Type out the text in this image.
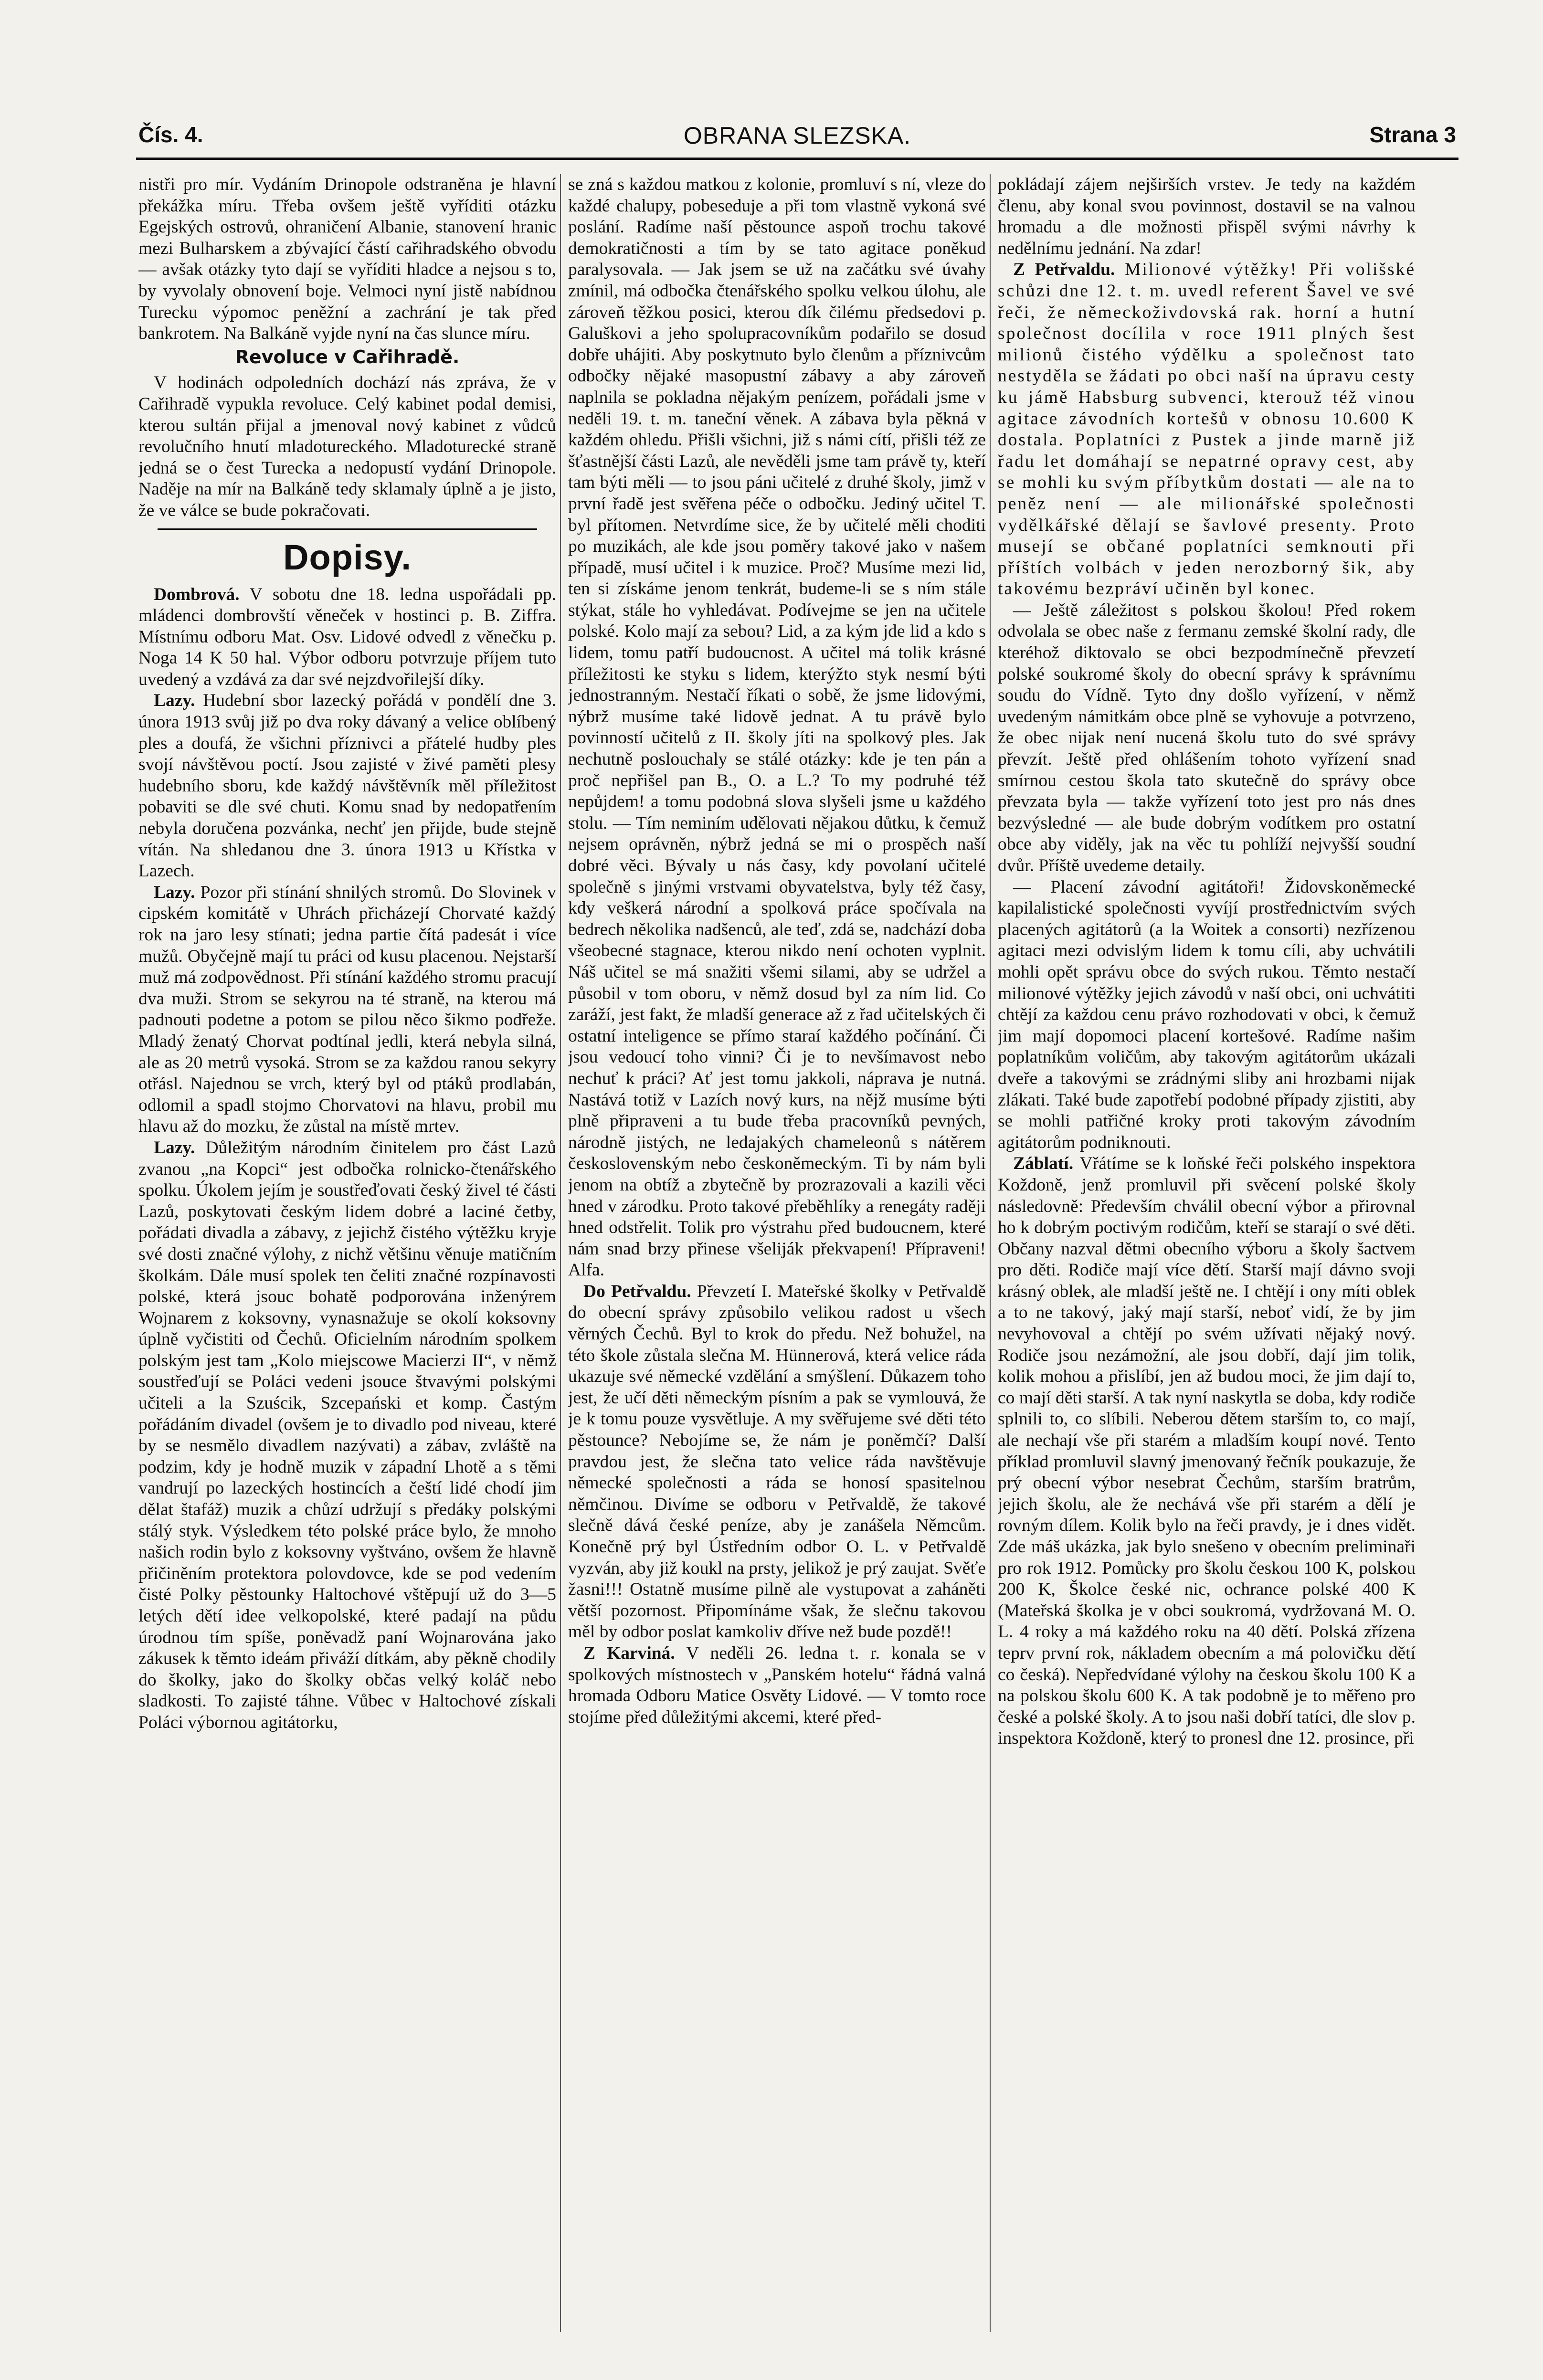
Čís. 4.	OBRANA SLEZSKA.	Strana 3

nistři pro mír. Vydáním Drinopole odstraněna je hlavní překážka míru. Třeba ovšem ještě vyříditi otázku Egejských ostrovů, ohraničení Albanie, stanovení hranic mezi Bulharskem a zbývající částí cařihradského obvodu — avšak otázky tyto dají se vyříditi hladce a nejsou s to, by vyvolaly obnovení boje. Velmoci nyní jistě nabídnou Turecku výpomoc peněžní a zachrání je tak před bankrotem. Na Balkáně vyjde nyní na čas slunce míru.

Revoluce v Cařihradě.

V hodinách odpoledních dochází nás zpráva, že v Cařihradě vypukla revoluce. Celý kabinet podal demisi, kterou sultán přijal a jmenoval nový kabinet z vůdců revolučního hnutí mladotureckého. Mladoturecké straně jedná se o čest Turecka a nedopustí vydání Drinopole. Naděje na mír na Balkáně tedy sklamaly úplně a je jisto, že ve válce se bude pokračovati.

Dopisy.

Dombrová. V sobotu dne 18. ledna uspořádali pp. mládenci dombrovští věneček v hostinci p. B. Ziffra. Místnímu odboru Mat. Osv. Lidové odvedl z věnečku p. Noga 14 K 50 hal. Výbor odboru potvrzuje příjem tuto uvedený a vzdává za dar své nejzdvořilejší díky.

Lazy. Hudební sbor lazecký pořádá v pondělí dne 3. února 1913 svůj již po dva roky dávaný a velice oblíbený ples a doufá, že všichni příznivci a přátelé hudby ples svojí návštěvou poctí. Jsou zajisté v živé paměti plesy hudebního sboru, kde každý návštěvník měl příležitost pobaviti se dle své chuti. Komu snad by nedopatřením nebyla doručena pozvánka, nechť jen přijde, bude stejně vítán. Na shledanou dne 3. února 1913 u Křístka v Lazech.

Lazy. Pozor při stínání shnilých stromů. Do Slovinek v cipském komitátě v Uhrách přicházejí Chorvaté každý rok na jaro lesy stínati; jedna partie čítá padesát i více mužů. Obyčejně mají tu práci od kusu placenou. Nejstarší muž má zodpovědnost. Při stínání každého stromu pracují dva muži. Strom se sekyrou na té straně, na kterou má padnouti podetne a potom se pilou něco šikmo podřeže. Mladý ženatý Chorvat podtínal jedli, která nebyla silná, ale as 20 metrů vysoká. Strom se za každou ranou sekyry otřásl. Najednou se vrch, který byl od ptáků prodlabán, odlomil a spadl stojmo Chorvatovi na hlavu, probil mu hlavu až do mozku, že zůstal na místě mrtev.

Lazy. Důležitým národním činitelem pro část Lazů zvanou „na Kopci“ jest odbočka rolnicko-čtenářského spolku. Úkolem jejím je soustřeďovati český živel té části Lazů, poskytovati českým lidem dobré a laciné četby, pořádati divadla a zábavy, z jejichž čistého výtěžku kryje své dosti značné výlohy, z nichž většinu věnuje matičním školkám. Dále musí spolek ten čeliti značné rozpínavosti polské, která jsouc bohatě podporována inženýrem Wojnarem z koksovny, vynasnažuje se okolí koksovny úplně vyčistiti od Čechů. Oficielním národním spolkem polským jest tam „Kolo miejscowe Macierzi II“, v němž soustřeďují se Poláci vedeni jsouce štvavými polskými učiteli a la Szuścik, Szcepański et komp. Častým pořádáním divadel (ovšem je to divadlo pod niveau, které by se nesmělo divadlem nazývati) a zábav, zvláště na podzim, kdy je hodně muzik v západní Lhotě a s těmi vandrují po lazeckých hostincích a čeští lidé chodí jim dělat štafáž) muzik a chůzí udržují s předáky polskými stálý styk. Výsledkem této polské práce bylo, že mnoho našich rodin bylo z koksovny vyštváno, ovšem že hlavně přičiněním protektora polovdovce, kde se pod vedením čisté Polky pěstounky Haltochové vštěpují už do 3—5 letých dětí idee velkopolské, které padají na půdu úrodnou tím spíše, poněvadž paní Wojnarována jako zákusek k těmto ideám přiváží dítkám, aby pěkně chodily do školky, jako do školky občas velký koláč nebo sladkosti. To zajisté táhne. Vůbec v Haltochové získali Poláci výbornou agitátorku,

se zná s každou matkou z kolonie, promluví s ní, vleze do každé chalupy, pobeseduje a při tom vlastně vykoná své poslání. Radíme naší pěstounce aspoň trochu takové demokratičnosti a tím by se tato agitace poněkud paralysovala. — Jak jsem se už na začátku své úvahy zmínil, má odbočka čtenářského spolku velkou úlohu, ale zároveň těžkou posici, kterou dík čilému předsedovi p. Galuškovi a jeho spolupracovníkům podařilo se dosud dobře uhájiti. Aby poskytnuto bylo členům a příznivcům odbočky nějaké masopustní zábavy a aby zároveň naplnila se pokladna nějakým penízem, pořádali jsme v neděli 19. t. m. taneční věnek. A zábava byla pěkná v každém ohledu. Přišli všichni, již s námi cítí, přišli též ze šťastnější části Lazů, ale nevěděli jsme tam právě ty, kteří tam býti měli — to jsou páni učitelé z druhé školy, jimž v první řadě jest svěřena péče o odbočku. Jediný učitel T. byl přítomen. Netvrdíme sice, že by učitelé měli choditi po muzikách, ale kde jsou poměry takové jako v našem případě, musí učitel i k muzice. Proč? Musíme mezi lid, ten si získáme jenom tenkrát, budeme-li se s ním stále stýkat, stále ho vyhledávat. Podívejme se jen na učitele polské. Kolo mají za sebou? Lid, a za kým jde lid a kdo s lidem, tomu patří budoucnost. A učitel má tolik krásné příležitosti ke styku s lidem, kterýžto styk nesmí býti jednostranným. Nestačí říkati o sobě, že jsme lidovými, nýbrž musíme také lidově jednat. A tu právě bylo povinností učitelů z II. školy jíti na spolkový ples. Jak nechutně poslouchaly se stálé otázky: kde je ten pán a proč nepřišel pan B., O. a L.? To my podruhé též nepůjdem! a tomu podobná slova slyšeli jsme u každého stolu. — Tím neminím udělovati nějakou důtku, k čemuž nejsem oprávněn, nýbrž jedná se mi o prospěch naší dobré věci. Bývaly u nás časy, kdy povolaní učitelé společně s jinými vrstvami obyvatelstva, byly též časy, kdy veškerá národní a spolková práce spočívala na bedrech několika nadšenců, ale teď, zdá se, nadchází doba všeobecné stagnace, kterou nikdo není ochoten vyplnit. Náš učitel se má snažiti všemi silami, aby se udržel a působil v tom oboru, v němž dosud byl za ním lid. Co zaráží, jest fakt, že mladší generace až z řad učitelských či ostatní inteligence se přímo staraí každého počínání. Či jsou vedoucí toho vinni? Či je to nevšímavost nebo nechuť k práci? Ať jest tomu jakkoli, náprava je nutná. Nastává totiž v Lazích nový kurs, na nějž musíme býti plně připraveni a tu bude třeba pracovníků pevných, národně jistých, ne ledajakých chameleonů s nátěrem československým nebo českoněmeckým. Ti by nám byli jenom na obtíž a zbytečně by prozrazovali a kazili věci hned v zárodku. Proto takové přeběhlíky a renegáty raději hned odstřelit. Tolik pro výstrahu před budoucnem, které nám snad brzy přinese všeliják překvapení! Přípraveni! Alfa.

Do Petřvaldu. Převzetí I. Mateřské školky v Petřvaldě do obecní správy způsobilo velikou radost u všech věrných Čechů. Byl to krok do předu. Než bohužel, na této škole zůstala slečna M. Hünnerová, která velice ráda ukazuje své německé vzdělání a smýšlení. Důkazem toho jest, že učí děti německým písním a pak se vymlouvá, že je k tomu pouze vysvětluje. A my svěřujeme své děti této pěstounce? Nebojíme se, že nám je poněmčí? Další pravdou jest, že slečna tato velice ráda navštěvuje německé společnosti a ráda se honosí spasitelnou němčinou. Divíme se odboru v Petřvaldě, že takové slečně dává české peníze, aby je zanášela Němcům. Konečně prý byl Ústředním odbor O. L. v Petřvaldě vyzván, aby již koukl na prsty, jelikož je prý zaujat. Svěťe žasni!!! Ostatně musíme pilně ale vystupovat a zaháněti větší pozornost. Připomínáme však, že slečnu takovou měl by odbor poslat kamkoliv dříve než bude pozdě!!

Z Karviná. V neděli 26. ledna t. r. konala se v spolkových místnostech v „Panském hotelu“ řádná valná hromada Odboru Matice Osvěty Lidové. — V tomto roce stojíme před důležitými akcemi, které před-

pokládají zájem nejširších vrstev. Je tedy na každém členu, aby konal svou povinnost, dostavil se na valnou hromadu a dle možnosti přispěl svými návrhy k nedělnímu jednání. Na zdar!

Z Petřvaldu. Milionové výtěžky! Při volišské schůzi dne 12. t. m. uvedl referent Šavel ve své řeči, že německoživdovská rak. horní a hutní společnost docílila v roce 1911 plných šest milionů čistého výdělku a společnost tato nestyděla se žádati po obci naší na úpravu cesty ku jámě Habsburg subvenci, kterouž též vinou agitace závodních kortešů v obnosu 10.600 K dostala. Poplatníci z Pustek a jinde marně již řadu let domáhají se nepatrné opravy cest, aby se mohli ku svým příbytkům dostati — ale na to peněz není — ale milionářské společnosti vydělkářské dělají se šavlové presenty. Proto musejí se občané poplatníci semknouti při příštích volbách v jeden nerozborný šik, aby takovému bezpráví učiněn byl konec.

— Ještě záležitost s polskou školou! Před rokem odvolala se obec naše z fermanu zemské školní rady, dle kteréhož diktovalo se obci bezpodmínečně převzetí polské soukromé školy do obecní správy k správnímu soudu do Vídně. Tyto dny došlo vyřízení, v němž uvedeným námitkám obce plně se vyhovuje a potvrzeno, že obec nijak není nucená školu tuto do své správy převzít. Ještě před ohlášením tohoto vyřízení snad smírnou cestou škola tato skutečně do správy obce převzata byla — takže vyřízení toto jest pro nás dnes bezvýsledné — ale bude dobrým vodítkem pro ostatní obce aby viděly, jak na věc tu pohlíží nejvyšší soudní dvůr. Příště uvedeme detaily.

— Placení závodní agitátoři! Židovskoněmecké kapilalistické společnosti vyvíjí prostřednictvím svých placených agitátorů (a la Woitek a consorti) nezřízenou agitaci mezi odvislým lidem k tomu cíli, aby uchvátili mohli opět správu obce do svých rukou. Těmto nestačí milionové výtěžky jejich závodů v naší obci, oni uchvátiti chtějí za každou cenu právo rozhodovati v obci, k čemuž jim mají dopomoci placení kortešové. Radíme našim poplatníkům voličům, aby takovým agitátorům ukázali dveře a takovými se zrádnými sliby ani hrozbami nijak zlákati. Také bude zapotřebí podobné případy zjistiti, aby se mohli patřičné kroky proti takovým závodním agitátorům podniknouti.

Záblatí. Vřátíme se k loňské řeči polského inspektora Koždoně, jenž promluvil při svěcení polské školy následovně: Především chválil obecní výbor a přirovnal ho k dobrým poctivým rodičům, kteří se starají o své děti. Občany nazval dětmi obecního výboru a školy šactvem pro děti. Rodiče mají více dětí. Starší mají dávno svoji krásný oblek, ale mladší ještě ne. I chtějí i ony míti oblek a to ne takový, jaký mají starší, neboť vidí, že by jim nevyhovoval a chtějí po svém užívati nějaký nový. Rodiče jsou nezámožní, ale jsou dobří, dají jim tolik, kolik mohou a přislíbí, jen až budou moci, že jim dají to, co mají děti starší. A tak nyní naskytla se doba, kdy rodiče splnili to, co slíbili. Neberou dětem starším to, co mají, ale nechají vše při starém a mladším koupí nové. Tento příklad promluvil slavný jmenovaný řečník poukazuje, že prý obecní výbor nesebrat Čechům, starším bratrům, jejich školu, ale že nechává vše při starém a dělí je rovným dílem. Kolik bylo na řeči pravdy, je i dnes vidět. Zde máš ukázka, jak bylo snešeno v obecním preliminaři pro rok 1912. Pomůcky pro školu českou 100 K, polskou 200 K, Školce české nic, ochrance polské 400 K (Mateřská školka je v obci soukromá, vydržovaná M. O. L. 4 roky a má každého roku na 40 dětí. Polská zřízena teprv první rok, nákladem obecním a má polovičku dětí co česká). Nepředvídané výlohy na českou školu 100 K a na polskou školu 600 K. A tak podobně je to měřeno pro české a polské školy. A to jsou naši dobří tatíci, dle slov p. inspektora Koždoně, který to pronesl dne 12. prosince, při
